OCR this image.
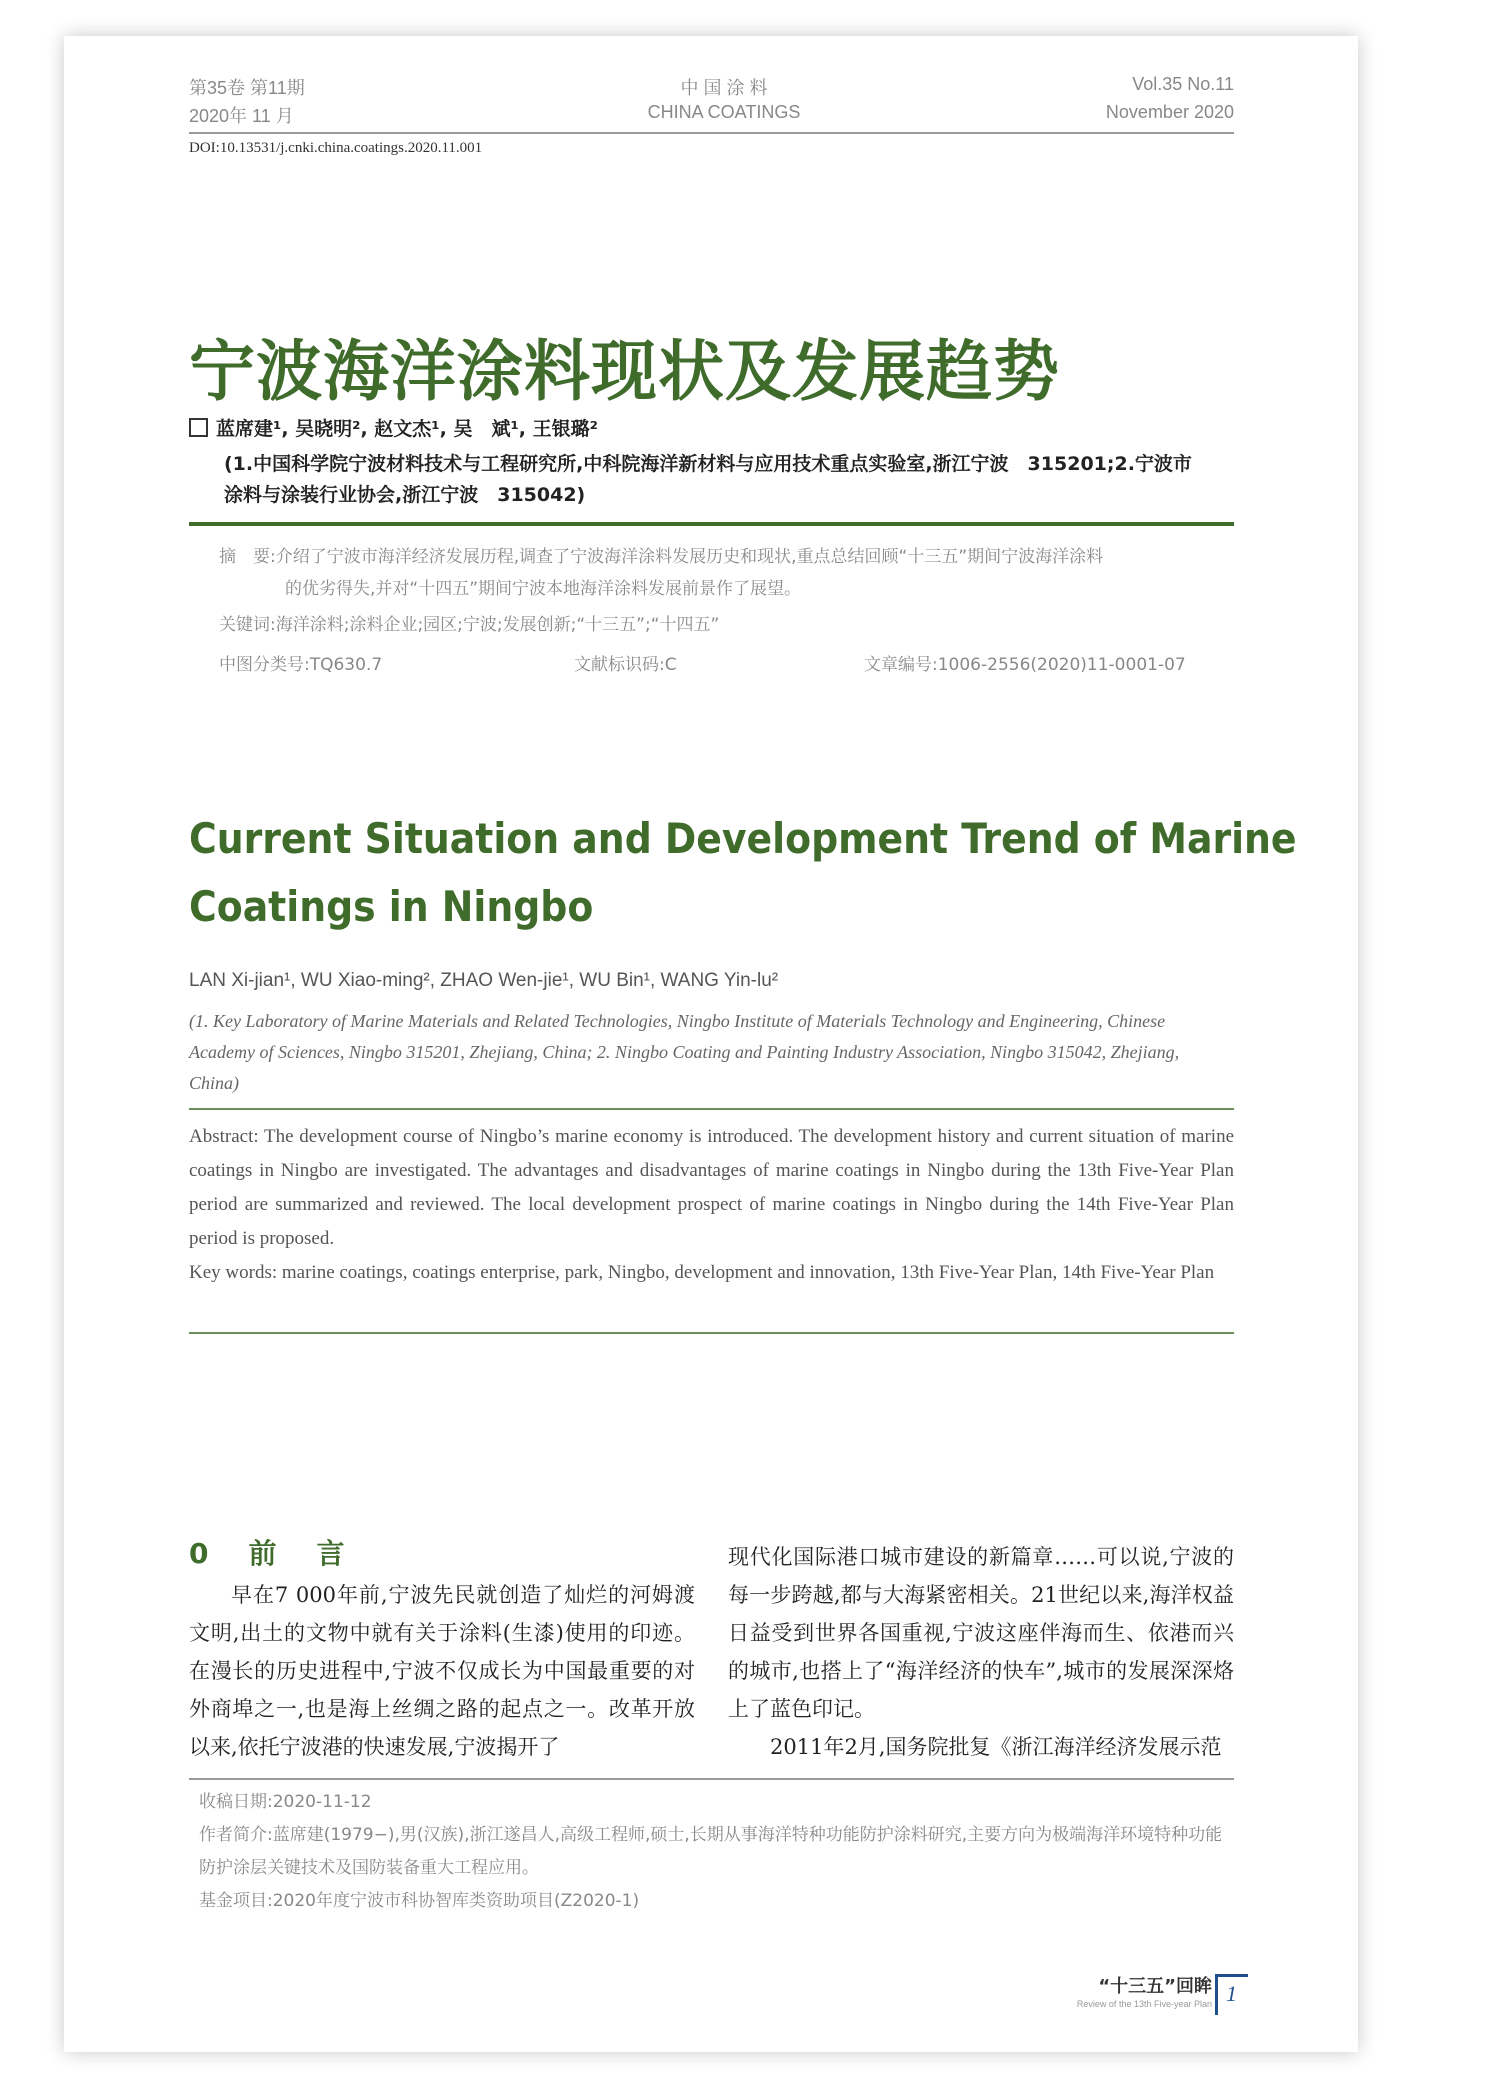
第35卷 第11期
2020年 11 月
中 国 涂 料
CHINA COATINGS
Vol.35 No.11
November 2020
DOI:10.13531/j.cnki.china.coatings.2020.11.001
宁波海洋涂料现状及发展趋势
蓝席建¹, 吴晓明², 赵文杰¹, 吴　斌¹, 王银璐²
(1.中国科学院宁波材料技术与工程研究所,中科院海洋新材料与应用技术重点实验室,浙江宁波　315201;2.宁波市
涂料与涂装行业协会,浙江宁波　315042)
摘　要:介绍了宁波市海洋经济发展历程,调查了宁波海洋涂料发展历史和现状,重点总结回顾“十三五”期间宁波海洋涂料
的优劣得失,并对“十四五”期间宁波本地海洋涂料发展前景作了展望。
关键词:海洋涂料;涂料企业;园区;宁波;发展创新;“十三五”;“十四五”
中图分类号:TQ630.7	文献标识码:C	文章编号:1006-2556(2020)11-0001-07
Current Situation and Development Trend of Marine
Coatings in Ningbo
LAN Xi-jian¹, WU Xiao-ming², ZHAO Wen-jie¹, WU Bin¹, WANG Yin-lu²
(1. Key Laboratory of Marine Materials and Related Technologies, Ningbo Institute of Materials Technology and Engineering, Chinese Academy of Sciences, Ningbo 315201, Zhejiang, China; 2. Ningbo Coating and Painting Industry Association, Ningbo 315042, Zhejiang, China)
Abstract: The development course of Ningbo’s marine economy is introduced. The development history and current situation of marine coatings in Ningbo are investigated. The advantages and disadvantages of marine coatings in Ningbo during the 13th Five-Year Plan period are summarized and reviewed. The local development prospect of marine coatings in Ningbo during the 14th Five-Year Plan period is proposed.
Key words: marine coatings, coatings enterprise, park, Ningbo, development and innovation, 13th Five-Year Plan, 14th Five-Year Plan
0　前　言
早在7 000年前,宁波先民就创造了灿烂的河姆渡文明,出土的文物中就有关于涂料(生漆)使用的印迹。在漫长的历史进程中,宁波不仅成长为中国最重要的对外商埠之一,也是海上丝绸之路的起点之一。改革开放以来,依托宁波港的快速发展,宁波揭开了
现代化国际港口城市建设的新篇章……可以说,宁波的每一步跨越,都与大海紧密相关。21世纪以来,海洋权益日益受到世界各国重视,宁波这座伴海而生、依港而兴的城市,也搭上了“海洋经济的快车”,城市的发展深深烙上了蓝色印记。
2011年2月,国务院批复《浙江海洋经济发展示范
收稿日期:2020-11-12
作者简介:蓝席建(1979−),男(汉族),浙江遂昌人,高级工程师,硕士,长期从事海洋特种功能防护涂料研究,主要方向为极端海洋环境特种功能防护涂层关键技术及国防装备重大工程应用。
基金项目:2020年度宁波市科协智库类资助项目(Z2020-1)
“十三五”回眸
Review of the 13th Five-year Plan 1
